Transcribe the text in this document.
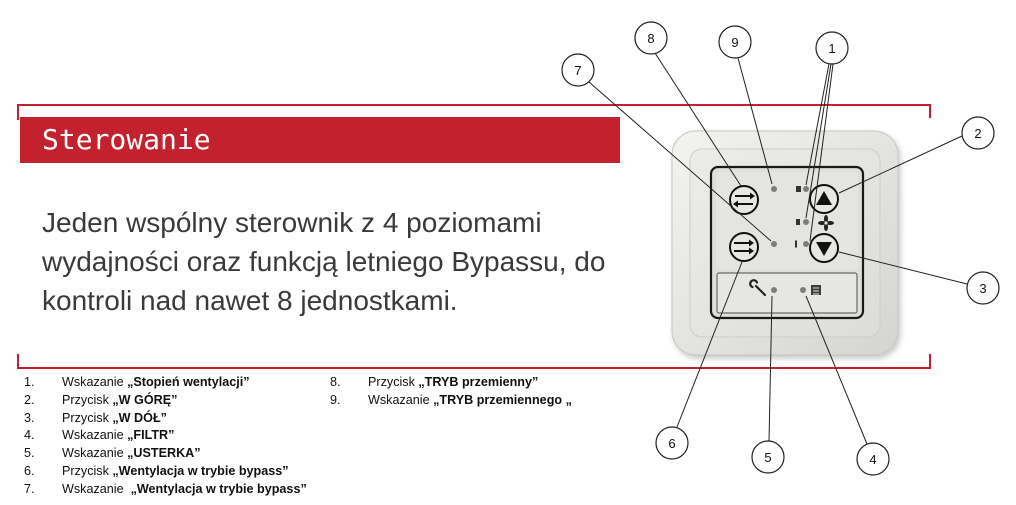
Sterowanie
Jeden wspólny sterownik z 4 poziomami
wydajności oraz funkcją letniego Bypassu, do
kontroli nad nawet 8 jednostkami.
1. Wskazanie „Stopień wentylacji”
2. Przycisk „W GÓRĘ”
3. Przycisk „W DÓŁ”
4. Wskazanie „FILTR”
5. Wskazanie „USTERKA”
6. Przycisk „Wentylacja w trybie bypass”
7. Wskazanie  „Wentylacja w trybie bypass”
8. Przycisk „TRYB przemienny”
9. Wskazanie „TRYB przemiennego „
8	9	1
7
2
3
6
5	4
